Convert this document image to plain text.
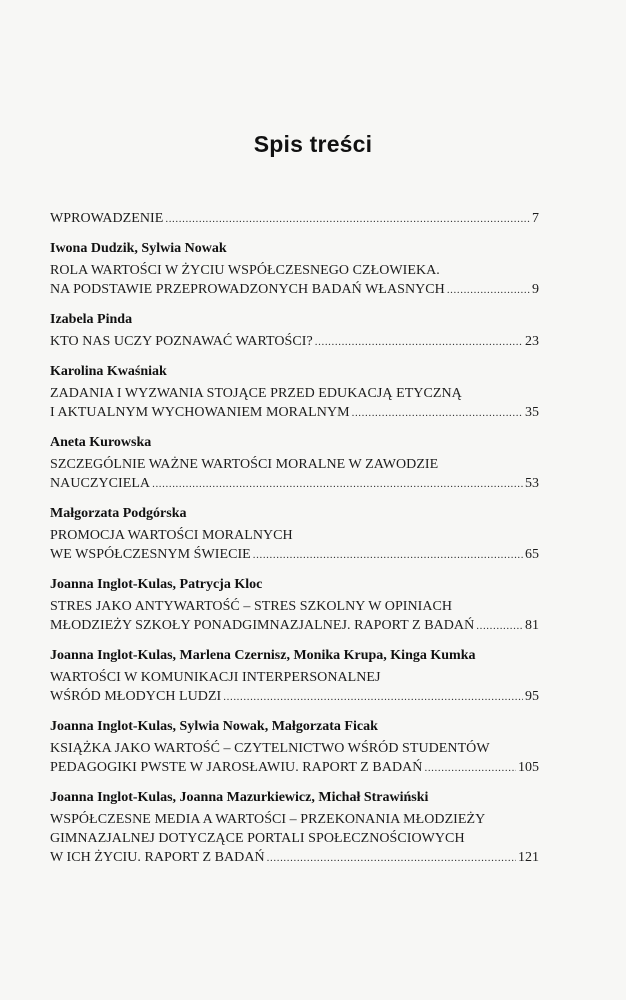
Spis treści
WPROWADZENIE .....	7
Iwona Dudzik, Sylwia Nowak
ROLA WARTOŚCI W ŻYCIU WSPÓŁCZESNEGO CZŁOWIEKA.
NA PODSTAWIE PRZEPROWADZONYCH BADAŃ WŁASNYCH .....	9
Izabela Pinda
KTO NAS UCZY POZNAWAĆ WARTOŚCI? .....	23
Karolina Kwaśniak
ZADANIA I WYZWANIA STOJĄCE PRZED EDUKACJĄ ETYCZNĄ
I AKTUALNYM WYCHOWANIEM MORALNYM .....	35
Aneta Kurowska
SZCZEGÓLNIE WAŻNE WARTOŚCI MORALNE W ZAWODZIE
NAUCZYCIELA .....	53
Małgorzata Podgórska
PROMOCJA WARTOŚCI MORALNYCH
WE WSPÓŁCZESNYM ŚWIECIE .....	65
Joanna Inglot-Kulas, Patrycja Kloc
STRES JAKO ANTYWARTOŚĆ – STRES SZKOLNY W OPINIACH
MŁODZIEŻY SZKOŁY PONADGIMNAZJALNEJ. RAPORT Z BADAŃ .....	81
Joanna Inglot-Kulas, Marlena Czernisz, Monika Krupa, Kinga Kumka
WARTOŚCI W KOMUNIKACJI INTERPERSONALNEJ
WŚRÓD MŁODYCH LUDZI .....	95
Joanna Inglot-Kulas, Sylwia Nowak, Małgorzata Ficak
KSIĄŻKA JAKO WARTOŚĆ – CZYTELNICTWO WŚRÓD STUDENTÓW
PEDAGOGIKI PWSTE W JAROSŁAWIU. RAPORT Z BADAŃ .....	105
Joanna Inglot-Kulas, Joanna Mazurkiewicz, Michał Strawiński
WSPÓŁCZESNE MEDIA A WARTOŚCI – PRZEKONANIA MŁODZIEŻY
GIMNAZJALNEJ DOTYCZĄCE PORTALI SPOŁECZNOŚCIOWYCH
W ICH ŻYCIU. RAPORT Z BADAŃ .....	121
